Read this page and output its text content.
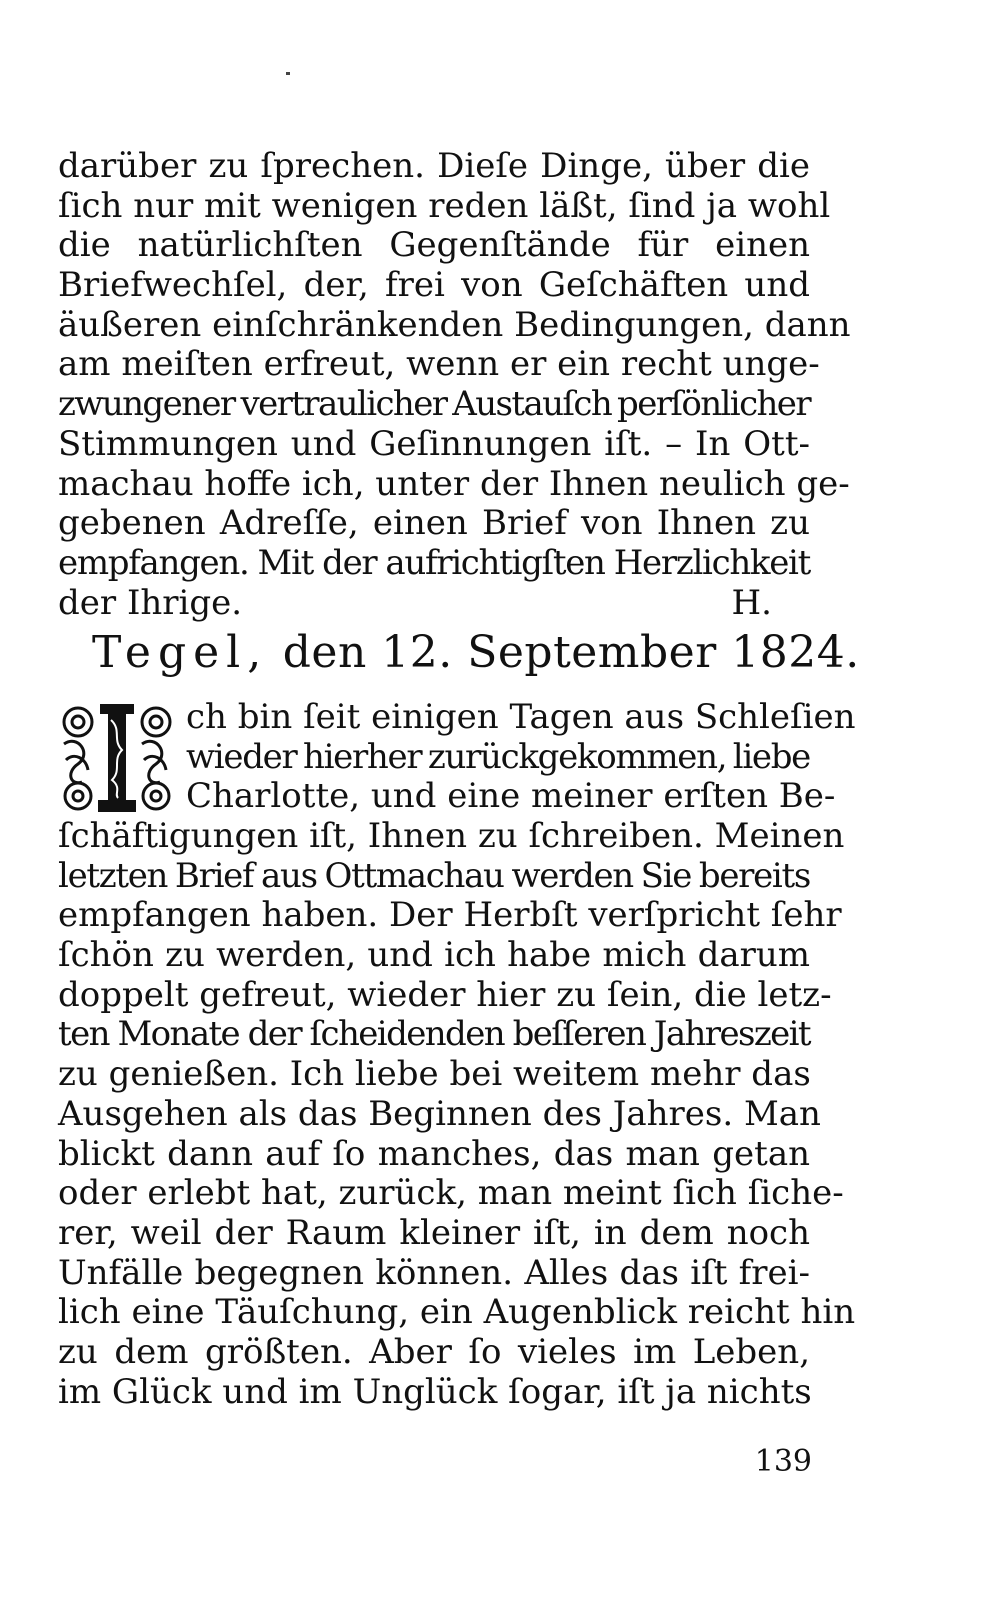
darüber zu ſprechen. Dieſe Dinge, über die
ſich nur mit wenigen reden läßt, ſind ja wohl
die natürlichſten Gegenſtände für einen
Briefwechſel, der, frei von Geſchäften und
äußeren einſchränkenden Bedingungen, dann
am meiſten erfreut, wenn er ein recht unge-
zwungener vertraulicher Austauſch perſönlicher
Stimmungen und Geſinnungen iſt. – In Ott-
machau hoffe ich, unter der Ihnen neulich ge-
gebenen Adreſſe, einen Brief von Ihnen zu
empfangen. Mit der aufrichtigſten Herzlichkeit
der Ihrige.	H.
Tegel, den 12. September 1824.
I
ch bin ſeit einigen Tagen aus Schleſien
wieder hierher zurückgekommen, liebe
Charlotte, und eine meiner erſten Be-
ſchäftigungen iſt, Ihnen zu ſchreiben. Meinen
letzten Brief aus Ottmachau werden Sie bereits
empfangen haben. Der Herbſt verſpricht ſehr
ſchön zu werden, und ich habe mich darum
doppelt gefreut, wieder hier zu ſein, die letz-
ten Monate der ſcheidenden beſſeren Jahreszeit
zu genießen. Ich liebe bei weitem mehr das
Ausgehen als das Beginnen des Jahres. Man
blickt dann auf ſo manches, das man getan
oder erlebt hat, zurück, man meint ſich ſiche-
rer, weil der Raum kleiner iſt, in dem noch
Unfälle begegnen können. Alles das iſt frei-
lich eine Täuſchung, ein Augenblick reicht hin
zu dem größten. Aber ſo vieles im Leben,
im Glück und im Unglück ſogar, iſt ja nichts
139
